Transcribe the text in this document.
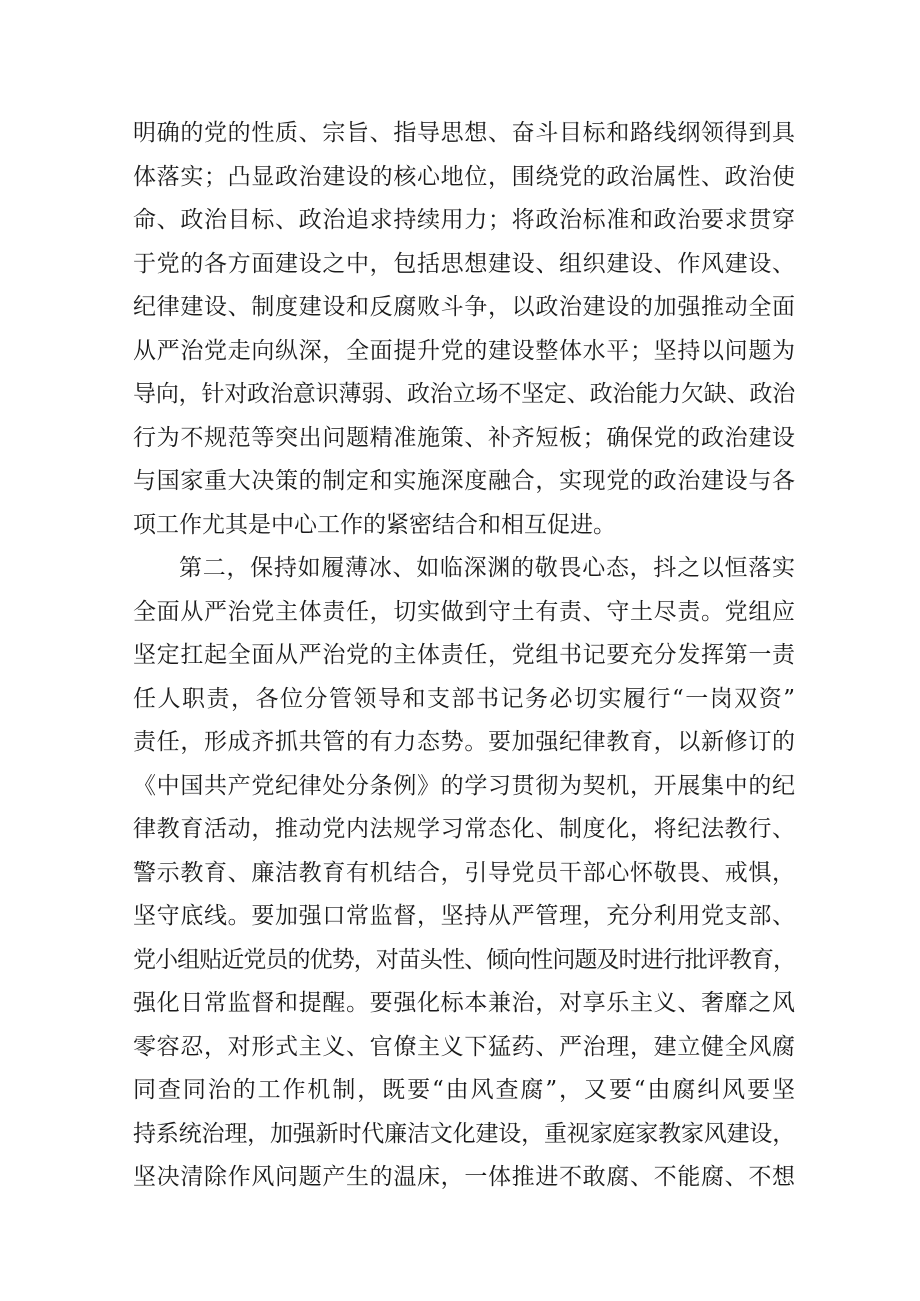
明确的党的性质、宗旨、指导思想、奋斗目标和路线纲领得到具
体落实；凸显政治建设的核心地位，围绕党的政治属性、政治使
命、政治目标、政治追求持续用力；将政治标准和政治要求贯穿
于党的各方面建设之中，包括思想建设、组织建设、作风建设、
纪律建设、制度建设和反腐败斗争，以政治建设的加强推动全面
从严治党走向纵深，全面提升党的建设整体水平；坚持以问题为
导向，针对政治意识薄弱、政治立场不坚定、政治能力欠缺、政治
行为不规范等突出问题精准施策、补齐短板；确保党的政治建设
与国家重大决策的制定和实施深度融合，实现党的政治建设与各
项工作尤其是中心工作的紧密结合和相互促进。
第二，保持如履薄冰、如临深渊的敬畏心态，抖之以恒落实
全面从严治党主体责任，切实做到守土有责、守土尽责。党组应
坚定扛起全面从严治党的主体责任，党组书记要充分发挥第一责
任人职责，各位分管领导和支部书记务必切实履行“一岗双资”
责任，形成齐抓共管的有力态势。要加强纪律教育，以新修订的
《中国共产党纪律处分条例》的学习贯彻为契机，开展集中的纪
律教育活动，推动党内法规学习常态化、制度化，将纪法教行、
警示教育、廉洁教育有机结合，引导党员干部心怀敬畏、戒惧，
坚守底线。要加强口常监督，坚持从严管理，充分利用党支部、
党小组贴近党员的优势，对苗头性、倾向性问题及时进行批评教育，
强化日常监督和提醒。要强化标本兼治，对享乐主义、奢靡之风
零容忍，对形式主义、官僚主义下猛药、严治理，建立健全风腐
同查同治的工作机制，既要“由风查腐”，又要“由腐纠风要坚
持系统治理，加强新时代廉洁文化建设，重视家庭家教家风建设，
坚决清除作风问题产生的温床，一体推进不敢腐、不能腐、不想
